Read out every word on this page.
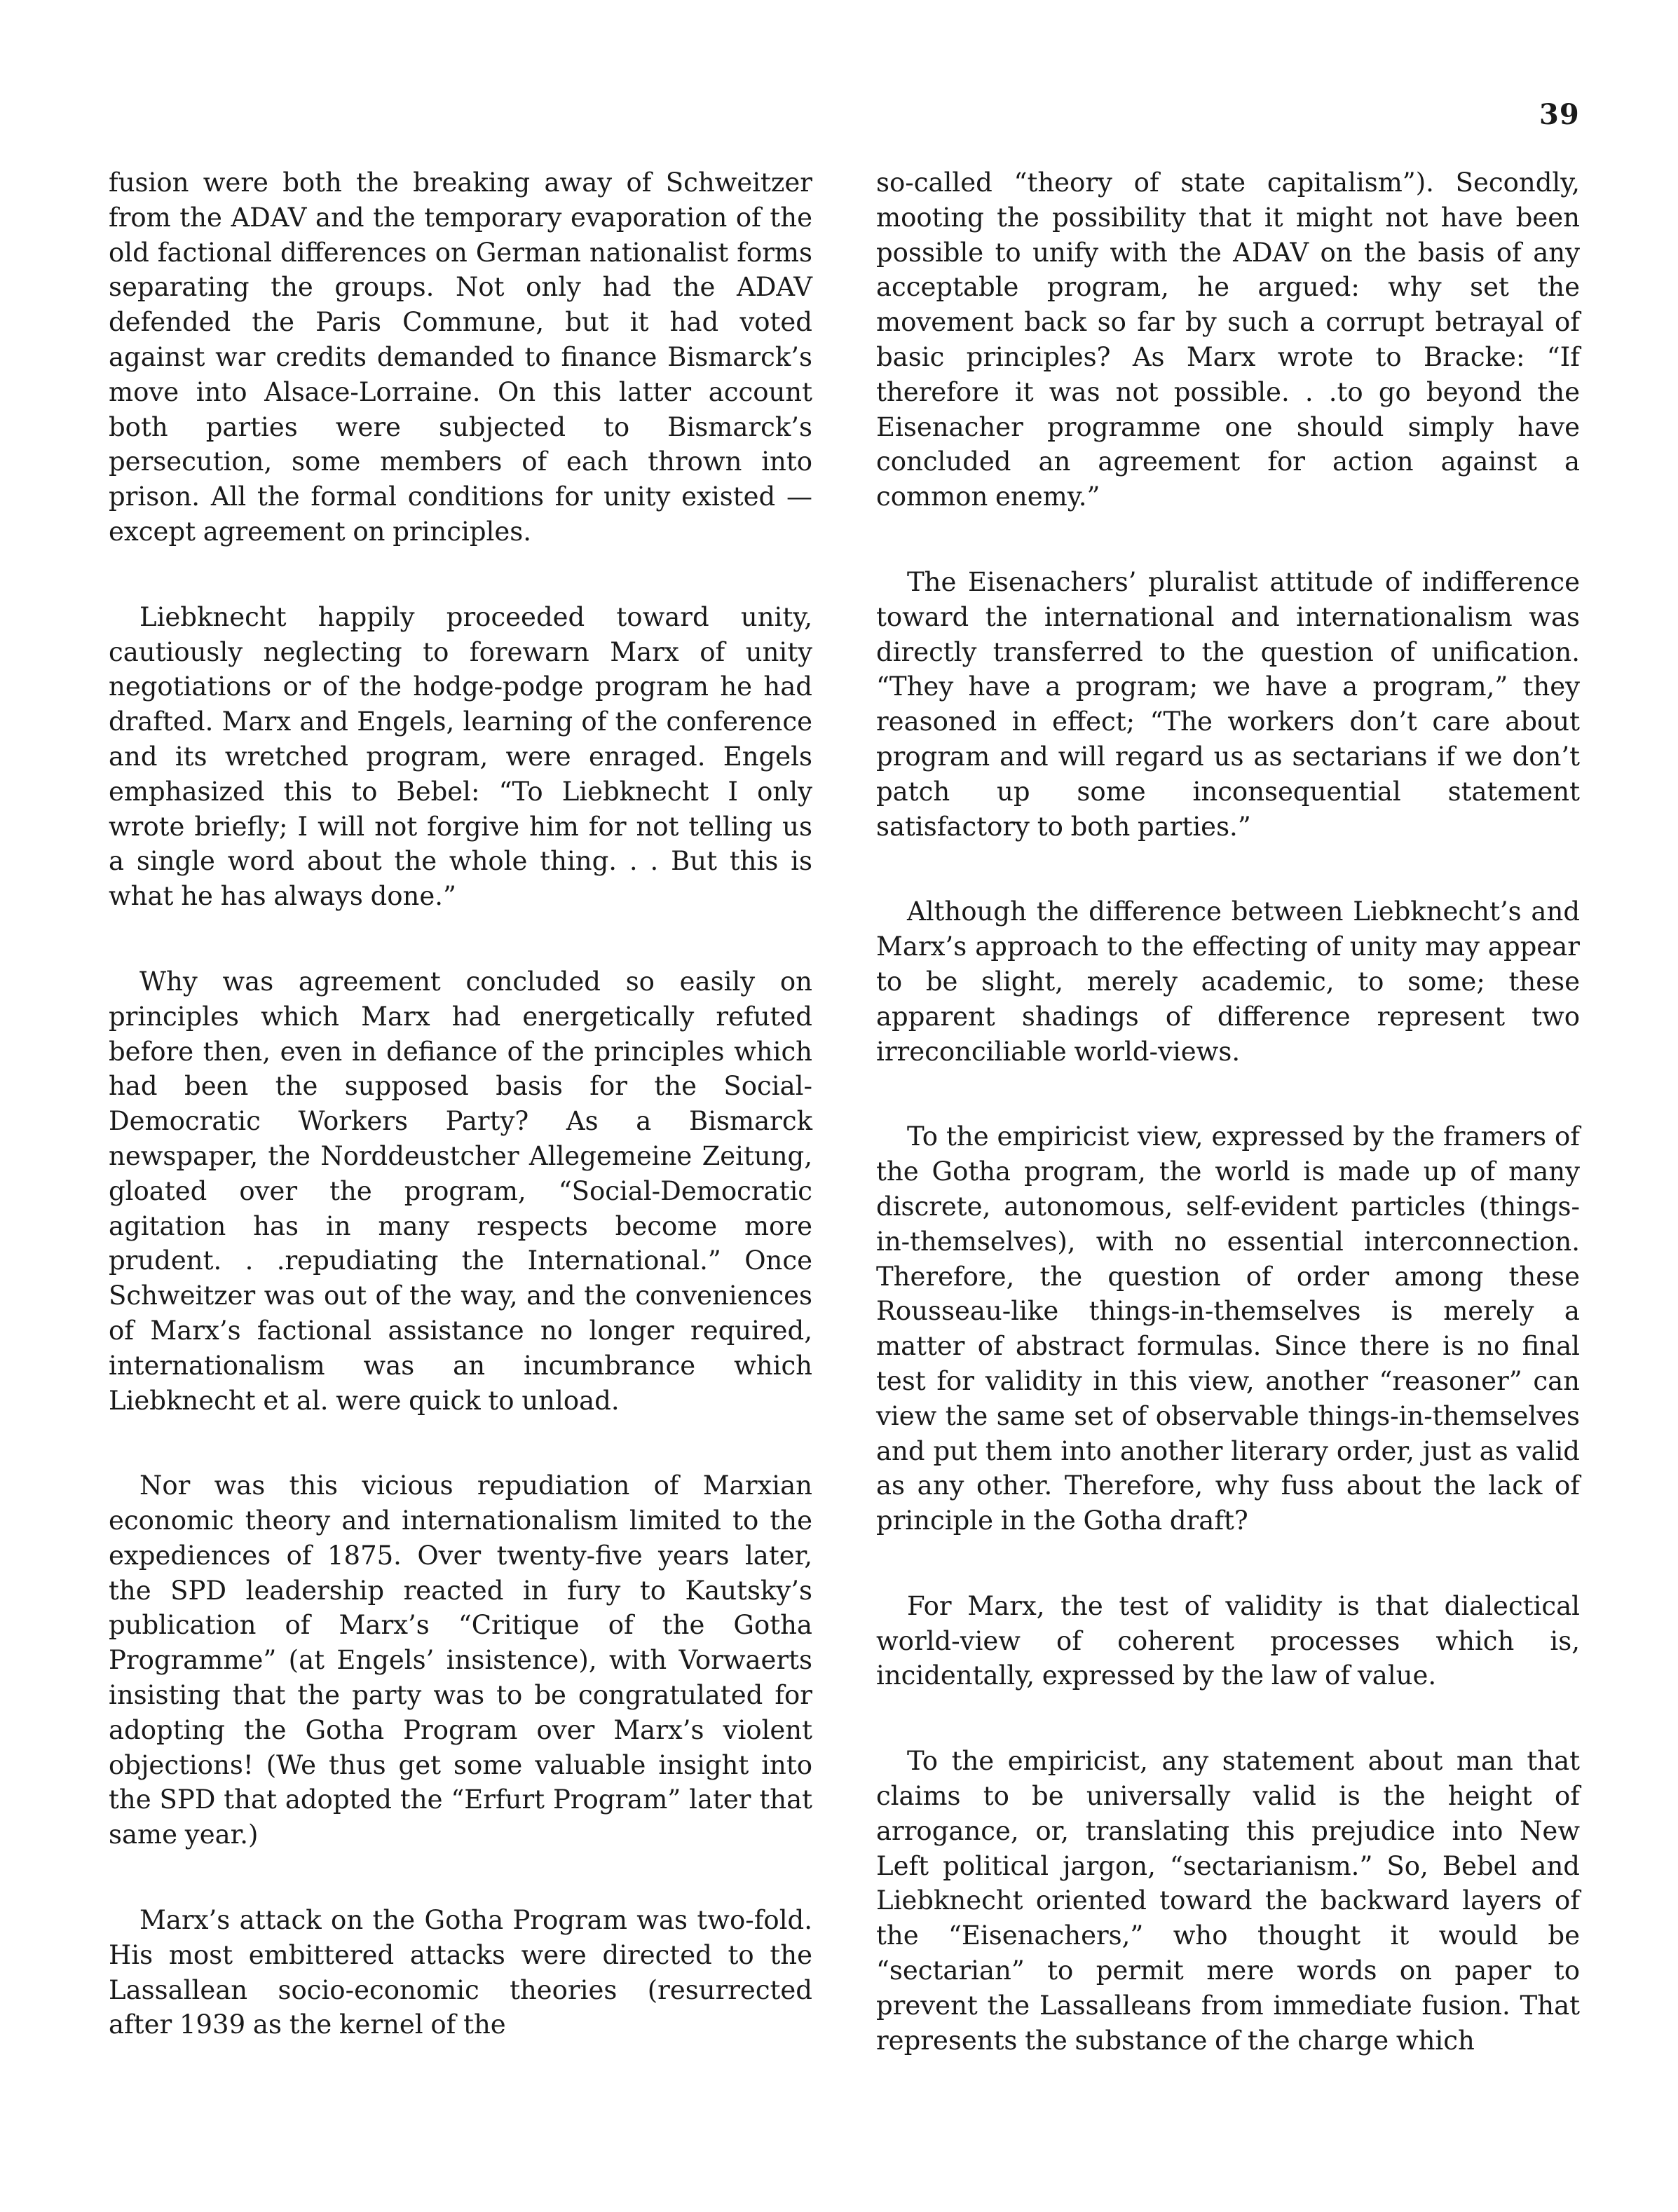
39

fusion were both the breaking away of Schweitzer from the ADAV and the temporary evaporation of the old factional differences on German nationalist forms separating the groups. Not only had the ADAV defended the Paris Commune, but it had voted against war credits demanded to finance Bismarck’s move into Alsace-Lorraine. On this latter account both parties were subjected to Bismarck’s persecution, some members of each thrown into prison. All the formal conditions for unity existed — except agreement on principles.

Liebknecht happily proceeded toward unity, cautiously neglecting to forewarn Marx of unity negotiations or of the hodge-podge program he had drafted. Marx and Engels, learning of the conference and its wretched program, were enraged. Engels emphasized this to Bebel: “To Liebknecht I only wrote briefly; I will not forgive him for not telling us a single word about the whole thing. . . But this is what he has always done.”

Why was agreement concluded so easily on principles which Marx had energetically refuted before then, even in defiance of the principles which had been the supposed basis for the Social-Democratic Workers Party? As a Bismarck newspaper, the Norddeustcher Allegemeine Zeitung, gloated over the program, “Social-Democratic agitation has in many respects become more prudent. . .repudiating the International.” Once Schweitzer was out of the way, and the conveniences of Marx’s factional assistance no longer required, internationalism was an incumbrance which Liebknecht et al. were quick to unload.

Nor was this vicious repudiation of Marxian economic theory and internationalism limited to the expediences of 1875. Over twenty-five years later, the SPD leadership reacted in fury to Kautsky’s publication of Marx’s “Critique of the Gotha Programme” (at Engels’ insistence), with Vorwaerts insisting that the party was to be congratulated for adopting the Gotha Program over Marx’s violent objections! (We thus get some valuable insight into the SPD that adopted the “Erfurt Program” later that same year.)

Marx’s attack on the Gotha Program was two-fold. His most embittered attacks were directed to the Lassallean socio-economic theories (resurrected after 1939 as the kernel of the

so-called “theory of state capitalism”). Secondly, mooting the possibility that it might not have been possible to unify with the ADAV on the basis of any acceptable program, he argued: why set the movement back so far by such a corrupt betrayal of basic principles? As Marx wrote to Bracke: “If therefore it was not possible. . .to go beyond the Eisenacher programme one should simply have concluded an agreement for action against a common enemy.”

The Eisenachers’ pluralist attitude of indifference toward the international and internationalism was directly transferred to the question of unification. “They have a program; we have a program,” they reasoned in effect; “The workers don’t care about program and will regard us as sectarians if we don’t patch up some inconsequential statement satisfactory to both parties.”

Although the difference between Liebknecht’s and Marx’s approach to the effecting of unity may appear to be slight, merely academic, to some; these apparent shadings of difference represent two irreconciliable world-views.

To the empiricist view, expressed by the framers of the Gotha program, the world is made up of many discrete, autonomous, self-evident particles (things-in-themselves), with no essential interconnection. Therefore, the question of order among these Rousseau-like things-in-themselves is merely a matter of abstract formulas. Since there is no final test for validity in this view, another “reasoner” can view the same set of observable things-in-themselves and put them into another literary order, just as valid as any other. Therefore, why fuss about the lack of principle in the Gotha draft?

For Marx, the test of validity is that dialectical world-view of coherent processes which is, incidentally, expressed by the law of value.

To the empiricist, any statement about man that claims to be universally valid is the height of arrogance, or, translating this prejudice into New Left political jargon, “sectarianism.” So, Bebel and Liebknecht oriented toward the backward layers of the “Eisenachers,” who thought it would be “sectarian” to permit mere words on paper to prevent the Lassalleans from immediate fusion. That represents the substance of the charge which
